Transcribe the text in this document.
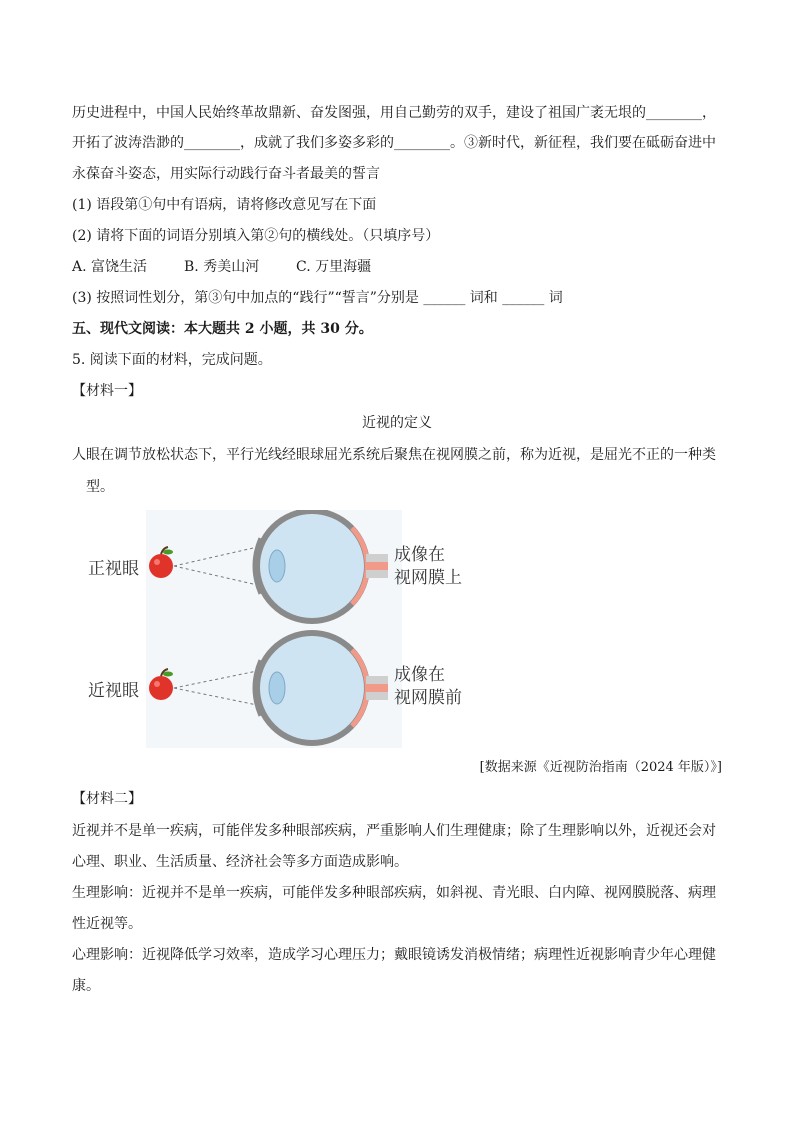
历史进程中，中国人民始终革故鼎新、奋发图强，用自己勤劳的双手，建设了祖国广袤无垠的________，
开拓了波涛浩渺的________，成就了我们多姿多彩的________。③新时代，新征程，我们要在砥砺奋进中
永葆奋斗姿态，用实际行动践行奋斗者最美的誓言
(1) 语段第①句中有语病，请将修改意见写在下面
(2) 请将下面的词语分别填入第②句的横线处。（只填序号）
A. 富饶生活	B. 秀美山河	C. 万里海疆
(3) 按照词性划分，第③句中加点的“践行”“誓言”分别是 ______ 词和 ______ 词
五、现代文阅读：本大题共 2 小题，共 30 分。
5. 阅读下面的材料，完成问题。
【材料一】
近视的定义
人眼在调节放松状态下，平行光线经眼球屈光系统后聚焦在视网膜之前，称为近视，是屈光不正的一种类
型。
正视眼
成像在
视网膜上
近视眼
成像在
视网膜前
[数据来源《近视防治指南（2024 年版）》]
【材料二】
近视并不是单一疾病，可能伴发多种眼部疾病，严重影响人们生理健康；除了生理影响以外，近视还会对
心理、职业、生活质量、经济社会等多方面造成影响。
生理影响：近视并不是单一疾病，可能伴发多种眼部疾病，如斜视、青光眼、白内障、视网膜脱落、病理
性近视等。
心理影响：近视降低学习效率，造成学习心理压力；戴眼镜诱发消极情绪；病理性近视影响青少年心理健
康。
